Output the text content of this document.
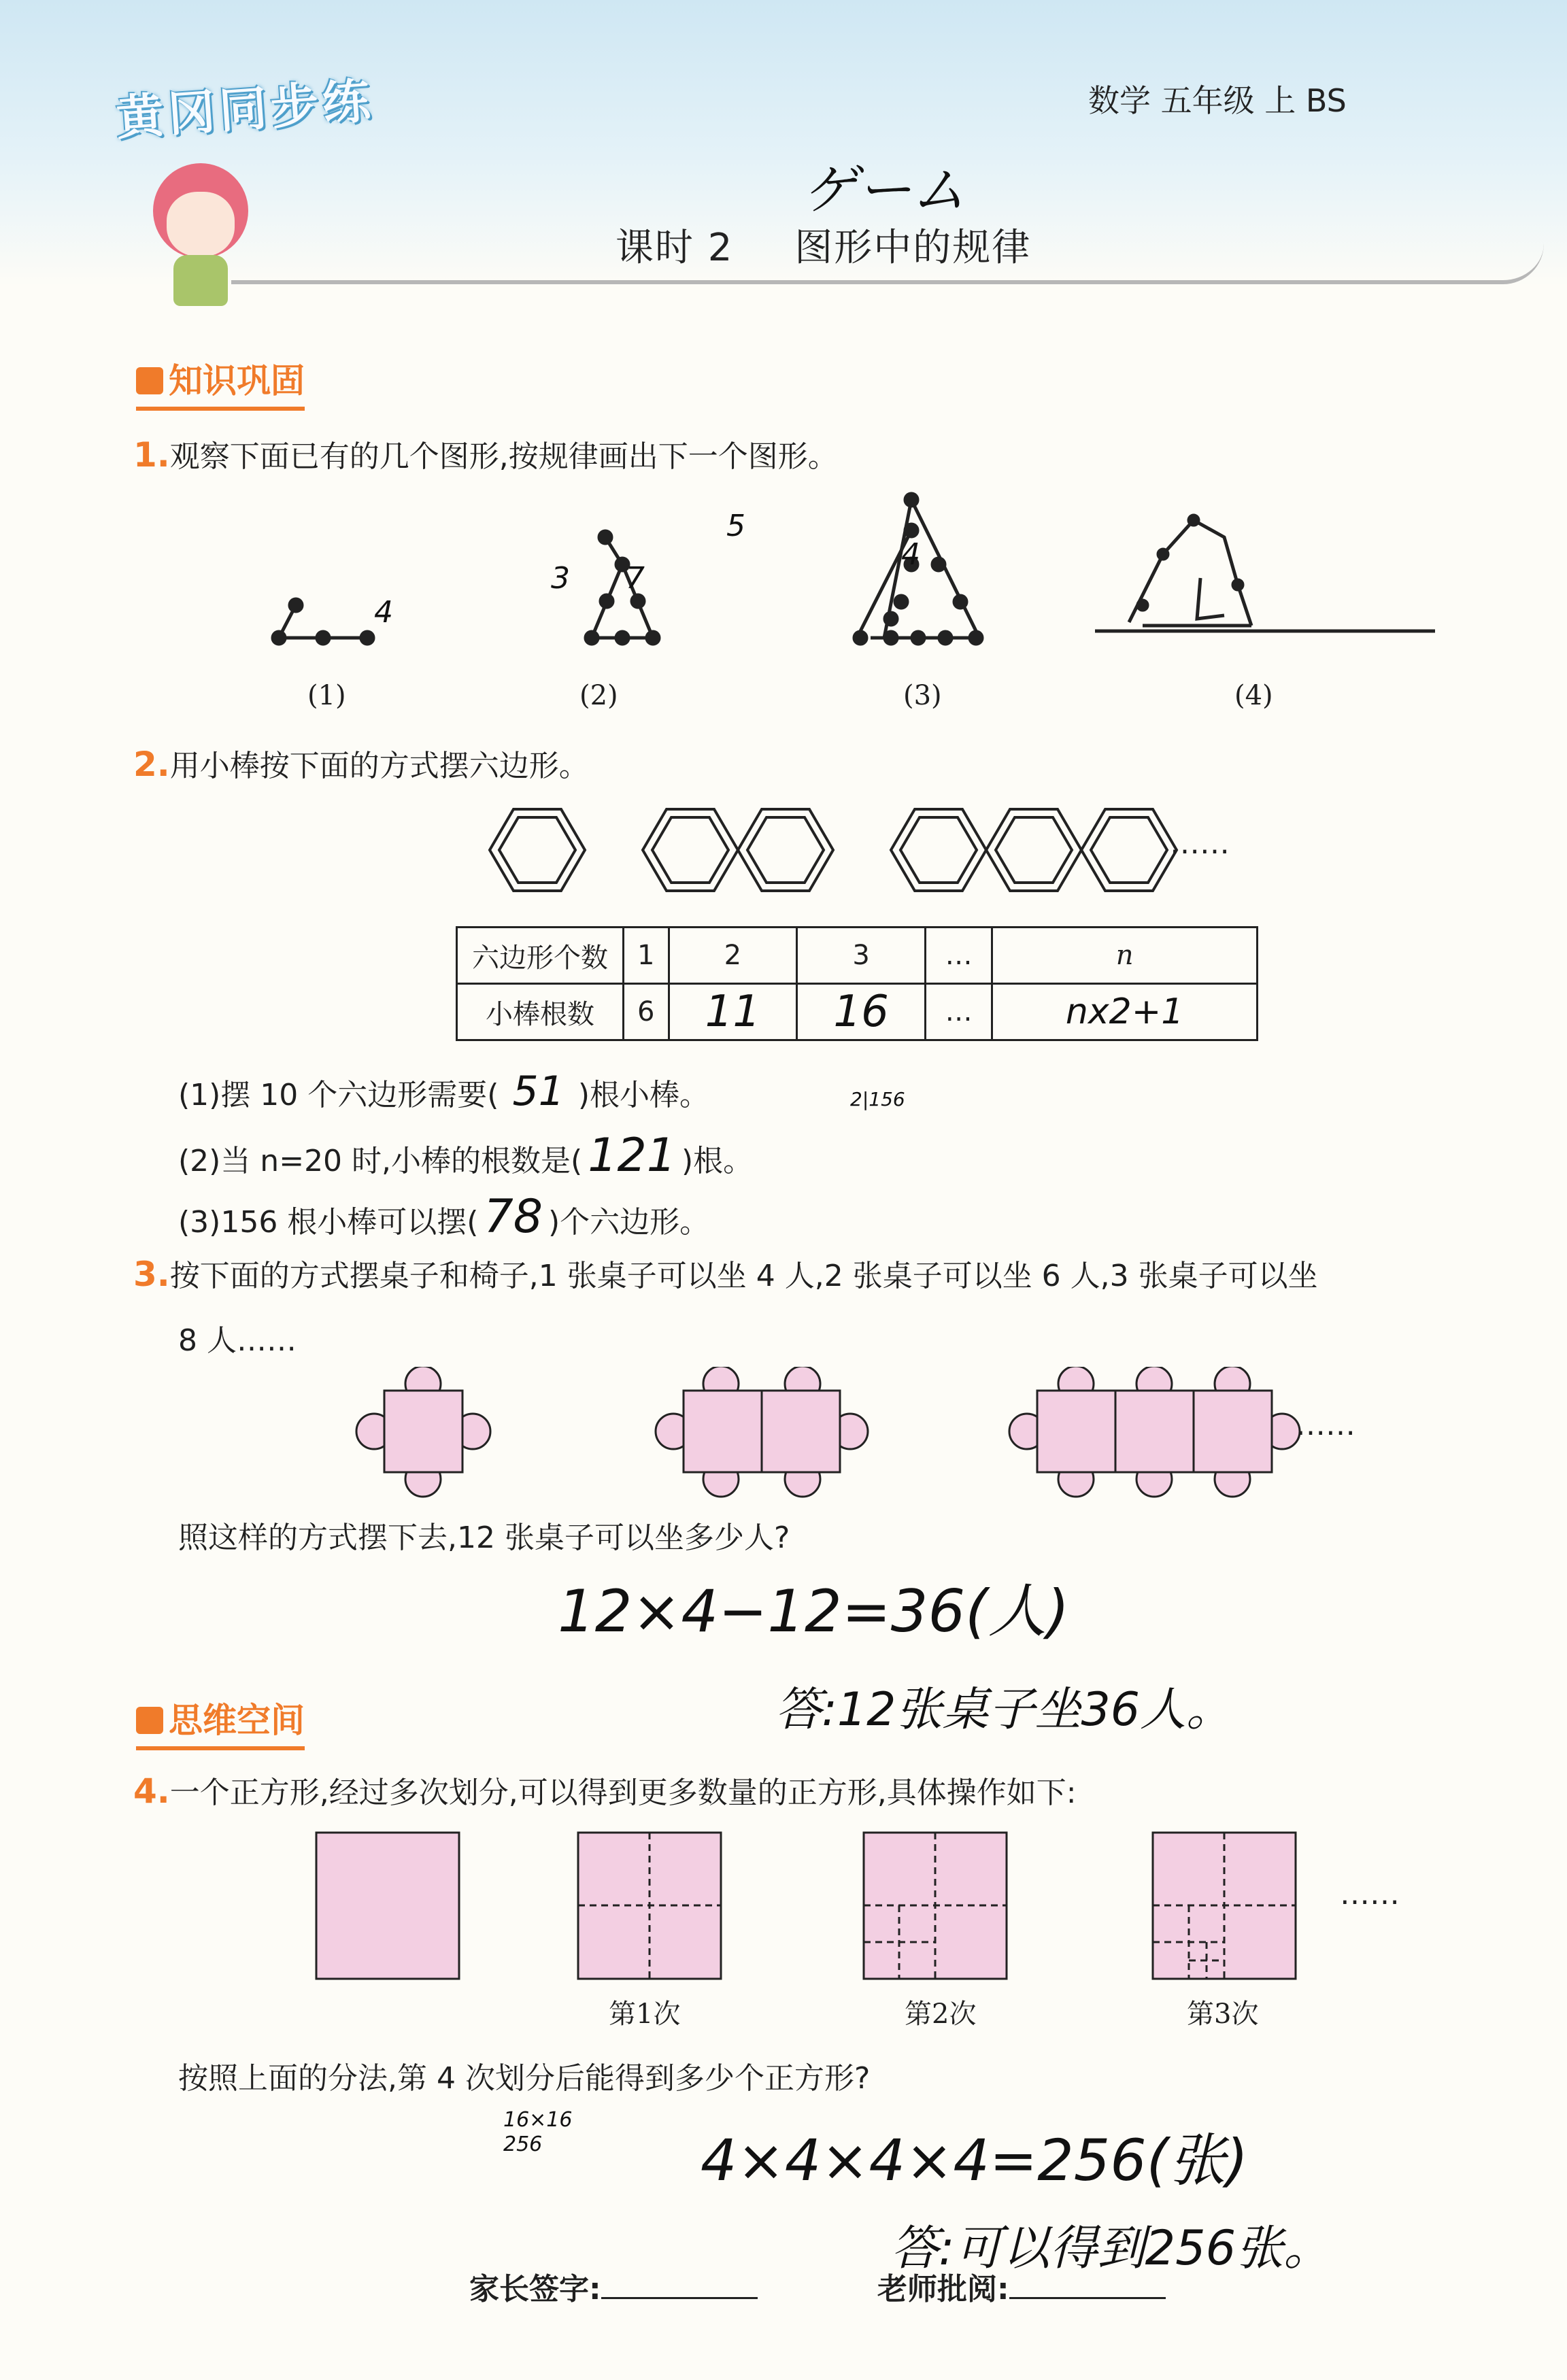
黄冈同步练	数学 五年级 上 BS
ゲーム
课时 2 图形中的规律
知识巩固
1.观察下面已有的几个图形,按规律画出下一个图形。
4
3 7
5
4
(1)	(2)	(3)	(4)
2.用小棒按下面的方式摆六边形。
……
六边形个数	1	2	3	…	n
小棒根数	6	11	16	…	nx2+1
(1)摆 10 个六边形需要( 51 )根小棒。
(2)当 n=20 时,小棒的根数是( 121 )根。
(3)156 根小棒可以摆( 78 )个六边形。
2|156
3.按下面的方式摆桌子和椅子,1 张桌子可以坐 4 人,2 张桌子可以坐 6 人,3 张桌子可以坐
8 人……
……
照这样的方式摆下去,12 张桌子可以坐多少人?
12×4−12=36(人)
答:12张桌子坐36人。
思维空间
4.一个正方形,经过多次划分,可以得到更多数量的正方形,具体操作如下:
第1次	第2次	第3次
……
按照上面的分法,第 4 次划分后能得到多少个正方形?
16×16 256	4×4×4×4=256(张)
答:可以得到256张。
家长签字:	老师批阅:
